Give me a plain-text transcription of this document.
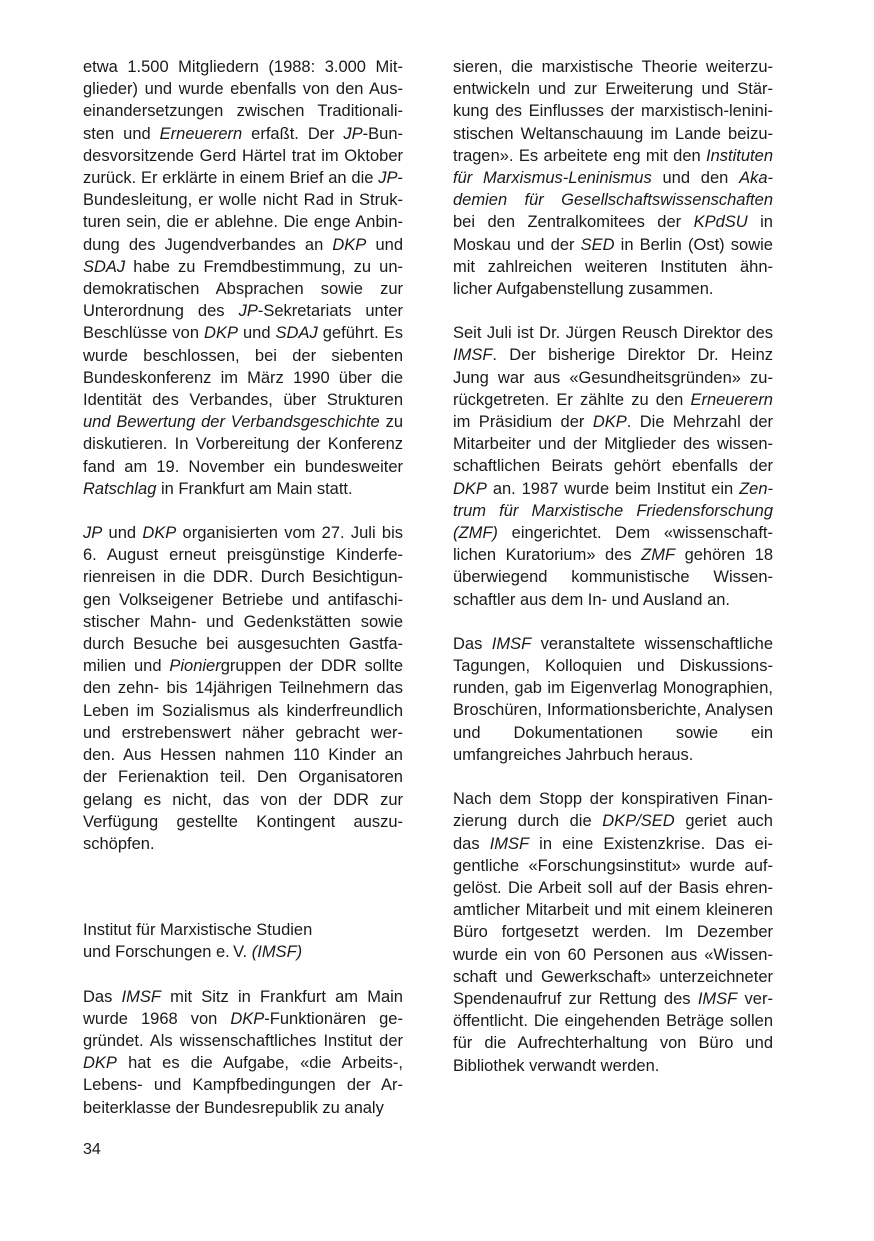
etwa 1.500 Mitgliedern (1988: 3.000 Mitglieder) und wurde ebenfalls von den Auseinandersetzungen zwischen Traditionalisten und Erneuerern erfaßt. Der JP-Bundesvorsitzende Gerd Härtel trat im Oktober zurück. Er erklärte in einem Brief an die JP-Bundesleitung, er wolle nicht Rad in Strukturen sein, die er ablehne. Die enge Anbindung des Jugendverbandes an DKP und SDAJ habe zu Fremdbestimmung, zu undemokratischen Absprachen sowie zur Unterordnung des JP-Sekretariats unter Beschlüsse von DKP und SDAJ geführt. Es wurde beschlossen, bei der siebenten Bundeskonferenz im März 1990 über die Identität des Verbandes, über Strukturen und Bewertung der Verbandsgeschichte zu diskutieren. In Vorbereitung der Konferenz fand am 19. November ein bundesweiter Ratschlag in Frankfurt am Main statt.

JP und DKP organisierten vom 27. Juli bis 6. August erneut preisgünstige Kinderferienreisen in die DDR. Durch Besichtigungen Volkseigener Betriebe und antifaschistischer Mahn- und Gedenkstätten sowie durch Besuche bei ausgesuchten Gastfamilien und Pioniergruppen der DDR sollte den zehn- bis 14jährigen Teilnehmern das Leben im Sozialismus als kinderfreundlich und erstrebenswert näher gebracht werden. Aus Hessen nahmen 110 Kinder an der Ferienaktion teil. Den Organisatoren gelang es nicht, das von der DDR zur Verfügung gestellte Kontingent auszuschöpfen.

Institut für Marxistische Studien
und Forschungen e. V. (IMSF)

Das IMSF mit Sitz in Frankfurt am Main wurde 1968 von DKP-Funktionären gegründet. Als wissenschaftliches Institut der DKP hat es die Aufgabe, «die Arbeits-, Lebens- und Kampfbedingungen der Arbeiterklasse der Bundesrepublik zu analy

sieren, die marxistische Theorie weiterzuentwickeln und zur Erweiterung und Stärkung des Einflusses der marxistisch-leninistischen Weltanschauung im Lande beizutragen». Es arbeitete eng mit den Instituten für Marxismus-Leninismus und den Akademien für Gesellschaftswissenschaften bei den Zentralkomitees der KPdSU in Moskau und der SED in Berlin (Ost) sowie mit zahlreichen weiteren Instituten ähnlicher Aufgabenstellung zusammen.

Seit Juli ist Dr. Jürgen Reusch Direktor des IMSF. Der bisherige Direktor Dr. Heinz Jung war aus «Gesundheitsgründen» zurückgetreten. Er zählte zu den Erneuerern im Präsidium der DKP. Die Mehrzahl der Mitarbeiter und der Mitglieder des wissenschaftlichen Beirats gehört ebenfalls der DKP an. 1987 wurde beim Institut ein Zentrum für Marxistische Friedensforschung (ZMF) eingerichtet. Dem «wissenschaftlichen Kuratorium» des ZMF gehören 18 überwiegend kommunistische Wissenschaftler aus dem In- und Ausland an.

Das IMSF veranstaltete wissenschaftliche Tagungen, Kolloquien und Diskussionsrunden, gab im Eigenverlag Monographien, Broschüren, Informationsberichte, Analysen und Dokumentationen sowie ein umfangreiches Jahrbuch heraus.

Nach dem Stopp der konspirativen Finanzierung durch die DKP/SED geriet auch das IMSF in eine Existenzkrise. Das eigentliche «Forschungsinstitut» wurde aufgelöst. Die Arbeit soll auf der Basis ehrenamtlicher Mitarbeit und mit einem kleineren Büro fortgesetzt werden. Im Dezember wurde ein von 60 Personen aus «Wissenschaft und Gewerkschaft» unterzeichneter Spendenaufruf zur Rettung des IMSF veröffentlicht. Die eingehenden Beträge sollen für die Aufrechterhaltung von Büro und Bibliothek verwandt werden.

34
